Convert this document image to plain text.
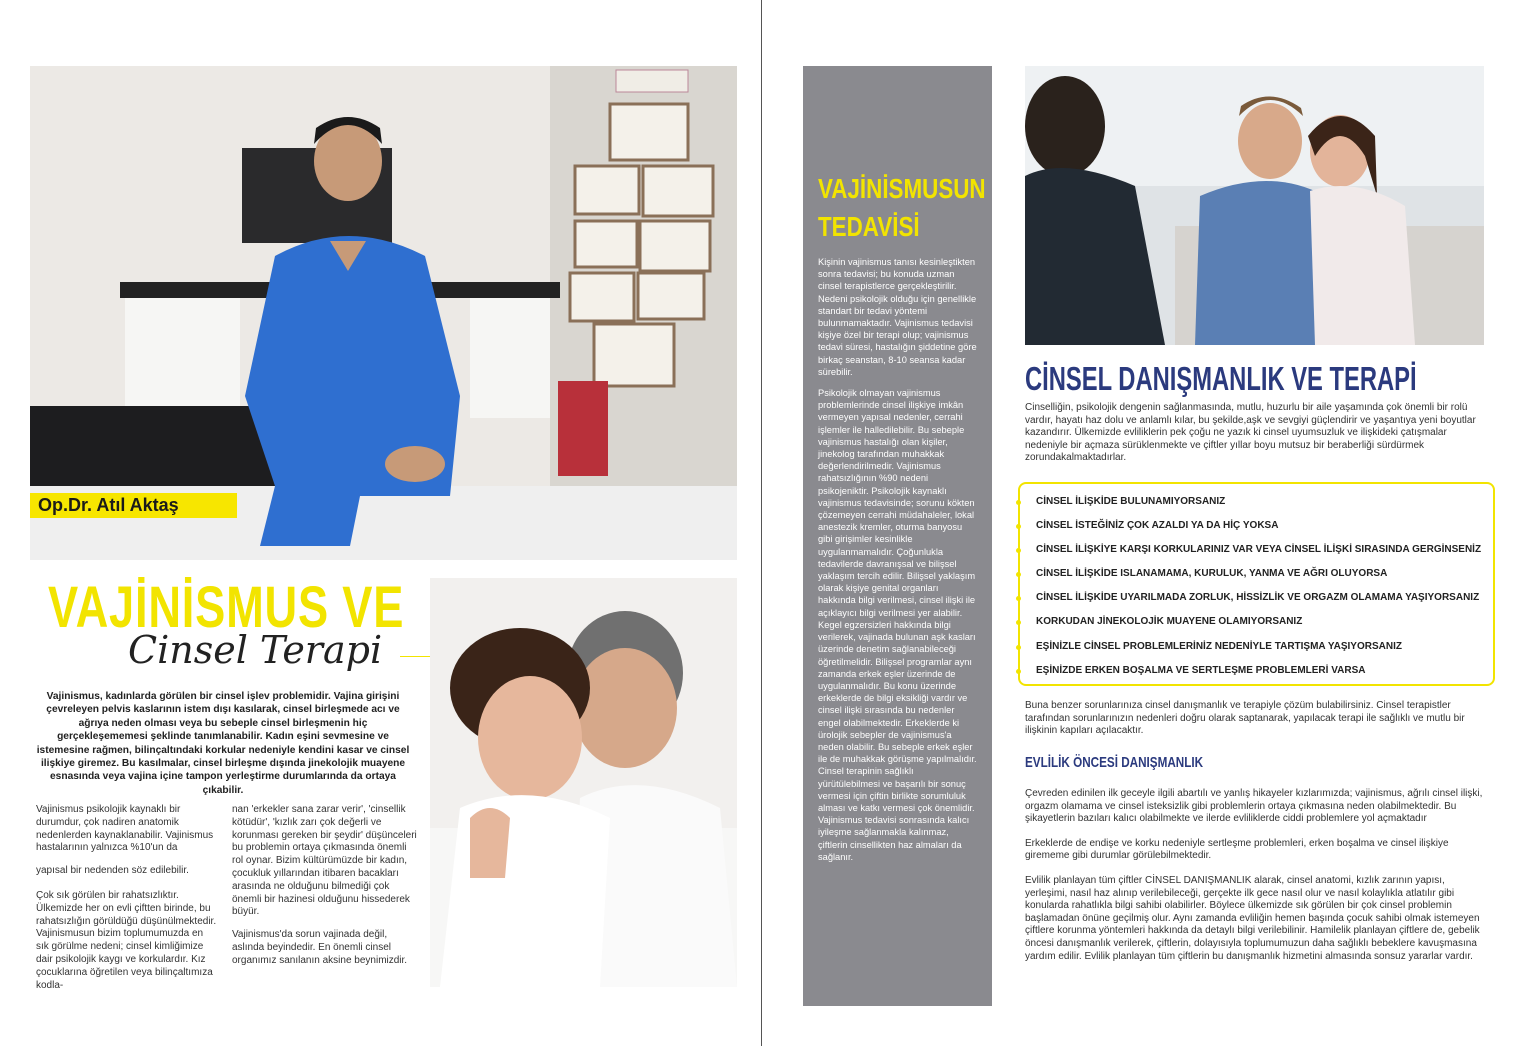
Op.Dr. Atıl Aktaş
VAJİNİSMUS VE
Cinsel Terapi
Vajinismus, kadınlarda görülen bir cinsel işlev problemidir. Vajina girişini çevreleyen pelvis kaslarının istem dışı kasılarak, cinsel birleşmede acı ve ağrıya neden olması veya bu sebeple cinsel birleşmenin hiç gerçekleşememesi şeklinde tanımlanabilir. Kadın eşini sevmesine ve istemesine rağmen, bilinçaltındaki korkular nedeniyle kendini kasar ve cinsel ilişkiye giremez. Bu kasılmalar, cinsel birleşme dışında jinekolojik muayene esnasında veya vajina içine tampon yerleştirme durumlarında da ortaya çıkabilir.

Vajinismus psikolojik kaynaklı bir durumdur, çok nadiren anatomik nedenlerden kaynaklanabilir. Vajinismus hastalarının yalnızca %10'un da

yapısal bir nedenden söz edilebilir.

Çok sık görülen bir rahatsızlıktır. Ülkemizde her on evli çiftten birinde, bu rahatsızlığın görüldüğü düşünülmektedir. Vajinismusun bizim toplumumuzda en sık görülme nedeni; cinsel kimliğimize dair psikolojik kaygı ve korkulardır. Kız çocuklarına öğretilen veya bilinçaltımıza kodla-

nan 'erkekler sana zarar verir', 'cinsellik kötüdür', 'kızlık zarı çok değerli ve korunması gereken bir şeydir' düşünceleri bu problemin ortaya çıkmasında önemli rol oynar. Bizim kültürümüzde bir kadın, çocukluk yıllarından itibaren bacakları arasında ne olduğunu bilmediği çok önemli bir hazinesi olduğunu hissederek büyür.

Vajinismus'da sorun vajinada değil, aslında beyindedir. En önemli cinsel organımız sanılanın aksine beynimizdir.

VAJİNİSMUSUN
TEDAVİSİ

Kişinin vajinismus tanısı kesinleştikten sonra tedavisi; bu konuda uzman cinsel terapistlerce gerçekleştirilir. Nedeni psikolojik olduğu için genellikle standart bir tedavi yöntemi bulunmamaktadır. Vajinismus tedavisi kişiye özel bir terapi olup; vajinismus tedavi süresi, hastalığın şiddetine göre birkaç seanstan, 8-10 seansa kadar sürebilir.

Psikolojik olmayan vajinismus problemlerinde cinsel ilişkiye imkân vermeyen yapısal nedenler, cerrahi işlemler ile halledilebilir. Bu sebeple vajinismus hastalığı olan kişiler, jinekolog tarafından muhakkak değerlendirilmedir. Vajinismus rahatsızlığının %90 nedeni psikojeniktir. Psikolojik kaynaklı vajinismus tedavisinde; sorunu kökten çözemeyen cerrahi müdahaleler, lokal anestezik kremler, oturma banyosu gibi girişimler kesinlikle uygulanmamalıdır. Çoğunlukla tedavilerde davranışsal ve bilişsel yaklaşım tercih edilir. Bilişsel yaklaşım olarak kişiye genital organları hakkında bilgi verilmesi, cinsel ilişki ile açıklayıcı bilgi verilmesi yer alabilir. Kegel egzersizleri hakkında bilgi verilerek, vajinada bulunan aşk kasları üzerinde denetim sağlanabileceği öğretilmelidir. Bilişsel programlar aynı zamanda erkek eşler üzerinde de uygulanmalıdır. Bu konu üzerinde erkeklerde de bilgi eksikliği vardır ve cinsel ilişki sırasında bu nedenler engel olabilmektedir. Erkeklerde ki ürolojik sebepler de vajinismus'a neden olabilir. Bu sebeple erkek eşler ile de muhakkak görüşme yapılmalıdır. Cinsel terapinin sağlıklı yürütülebilmesi ve başarılı bir sonuç vermesi için çiftin birlikte sorumluluk alması ve katkı vermesi çok önemlidir. Vajinismus tedavisi sonrasında kalıcı iyileşme sağlanmakla kalınmaz, çiftlerin cinsellikten haz almaları da sağlanır.

CİNSEL DANIŞMANLIK VE TERAPİ

Cinselliğin, psikolojik dengenin sağlanmasında, mutlu, huzurlu bir aile yaşamında çok önemli bir rolü vardır, hayatı haz dolu ve anlamlı kılar, bu şekilde,aşk ve sevgiyi güçlendirir ve yaşantıya yeni boyutlar kazandırır. Ülkemizde evliliklerin pek çoğu ne yazık ki cinsel uyumsuzluk ve ilişkideki çatışmalar nedeniyle bir açmaza sürüklenmekte ve çiftler yıllar boyu mutsuz bir beraberliği sürdürmek zorundakalmaktadırlar.

CİNSEL İLİŞKİDE BULUNAMIYORSANIZ
CİNSEL İSTEĞİNİZ ÇOK AZALDI YA DA HİÇ YOKSA
CİNSEL İLİŞKİYE KARŞI KORKULARINIZ VAR VEYA CİNSEL İLİŞKİ SIRASINDA GERGİNSENİZ
CİNSEL İLİŞKİDE ISLANAMAMA, KURULUK, YANMA VE AĞRI OLUYORSA
CİNSEL İLİŞKİDE UYARILMADA ZORLUK, HİSSİZLİK VE ORGAZM OLAMAMA YAŞIYORSANIZ
KORKUDAN JİNEKOLOJİK MUAYENE OLAMIYORSANIZ
EŞİNİZLE CİNSEL PROBLEMLERİNİZ NEDENİYLE TARTIŞMA YAŞIYORSANIZ
EŞİNİZDE ERKEN BOŞALMA VE SERTLEŞME PROBLEMLERİ VARSA

Buna benzer sorunlarınıza cinsel danışmanlık ve terapiyle çözüm bulabilirsiniz. Cinsel terapistler tarafından sorunlarınızın nedenleri doğru olarak saptanarak, yapılacak terapi ile sağlıklı ve mutlu bir ilişkinin kapıları açılacaktır.

EVLİLİK ÖNCESİ DANIŞMANLIK

Çevreden edinilen ilk geceyle ilgili abartılı ve yanlış hikayeler kızlarımızda; vajinismus, ağrılı cinsel ilişki, orgazm olamama ve cinsel isteksizlik gibi problemlerin ortaya çıkmasına neden olabilmektedir. Bu şikayetlerin bazıları kalıcı olabilmekte ve ilerde evliliklerde ciddi problemlere yol açmaktadır

Erkeklerde de endişe ve korku nedeniyle sertleşme problemleri, erken boşalma ve cinsel ilişkiye girememe gibi durumlar görülebilmektedir.

Evlilik planlayan tüm çiftler CİNSEL DANIŞMANLIK alarak, cinsel anatomi, kızlık zarının yapısı, yerleşimi, nasıl haz alınıp verilebileceği, gerçekte ilk gece nasıl olur ve nasıl kolaylıkla atlatılır gibi konularda rahatlıkla bilgi sahibi olabilirler. Böylece ülkemizde sık görülen bir çok cinsel problemin başlamadan önüne geçilmiş olur. Aynı zamanda evliliğin hemen başında çocuk sahibi olmak istemeyen çiftlere korunma yöntemleri hakkında da detaylı bilgi verilebilinir. Hamilelik planlayan çiftlere de, gebelik öncesi danışmanlık verilerek, çiftlerin, dolayısıyla toplumumuzun daha sağlıklı bebeklere kavuşmasına yardım edilir. Evlilik planlayan tüm çiftlerin bu danışmanlık hizmetini almasında sonsuz yararlar vardır.
